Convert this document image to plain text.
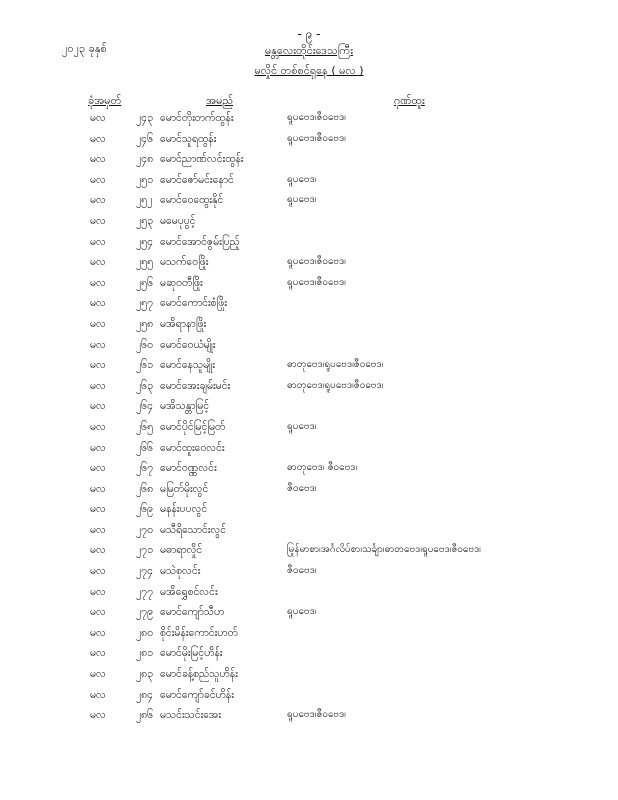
- ၉ -
၂၀၂၃ ခုနှစ်	မန္တလေးတိုင်းဒေသကြီး
မလှိုင် တစ်စင်ရှနေ ( မလ )
ခုံအမှတ်	အမည်	ဂုဏ်ထူး
မလ	၂၄၃ မောင်တိုးတက်ထွန်း	ရူပဗေဒ၊ဇီဝဗေဒ၊
မလ	၂၄၆ မောင်သူရထွန်း	ရူပဗေဒ၊ဇီဝဗေဒ၊
မလ	၂၄၈ မောင်ညာဏ်လင်းထွန်း
မလ	၂၅၁ မောင်ဇော်မင်းနောင်	ရူပဗေဒ၊
မလ	၂၅၂ မောင်ဝေထွေးနိုင်	ရူပဗေဒ၊
မလ	၂၅၃ မမေပုပွင့်
မလ	၂၅၄ မောင်အောင်ဇွမ်းပြည့်
မလ	၂၅၅ မသက်ဝေဖြိုး	ရူပဗေဒ၊ဇီဝဗေဒ၊
မလ	၂၅၆ မဆုဝတီဖြိုး	ရူပဗေဒ၊ဇီဝဗေဒ၊
မလ	၂၅၇ မောင်ကောင်းစံဖြိုး
မလ	၂၅၈ မအိရာနာဖြိုး
မလ	၂၆၀ မောင်ဝေယံမျိုး
မလ	၂၆၁ မောင်နေသူမျိုး	ဓာတုဗေဒ၊ရူပဗေဒ၊ဇီဝဗေဒ၊
မလ	၂၆၃ မောင်အေးချမ်းမင်း	ဓာတုဗေဒ၊ရူပဗေဒ၊ဇီဝဗေဒ၊
မလ	၂၆၄ မအိသန္တာမြင့်
မလ	၂၆၅ မောင်ပိုင်မြင့်မြတ်	ရူပဗေဒ၊
မလ	၂၆၆ မောင်ထူးဝေလင်း
မလ	၂၆၇ မောင်ဝဏ္ဏလင်း	ဓာတုဗေဒ၊ ဇီဝဗေဒ၊
မလ	၂၆၈ မမြတ်မိုးလွင်	ဇီဝဗေဒ၊
မလ	၂၆၉ မနန်းပပလွင်
မလ	၂၇၀ မသီရိသောင်းလွင်
မလ	၂၇၁ မဓာရာလှိုင်	မြန်မာစာ၊အင်္ဂလိပ်စာ၊သင်္ချာ၊ဓာတုဗေဒ၊ရူပဗေဒ၊ဇီဝဗေဒ၊
မလ	၂၇၄ မသဲစုလင်း	ဇီဝဗေဒ၊
မလ	၂၇၇ မအိရွှေစင်လင်း
မလ	၂၇၉ မောင်ကျော်သီဟ	ရူပဗေဒ၊
မလ	၂၈၀ စိုင်းမိန်းကောင်းဟတ်
မလ	၂၈၁ မောင်မိုးမြင့်ဟိန်း
မလ	၂၈၃ မောင်ခန့်စည်သူဟိန်း
မလ	၂၈၄ မောင်ကျော်ခင်ဟိန်း
မလ	၂၈၆ မသင်းသင်းအေး	ရူပဗေဒ၊ဇီဝဗေဒ၊
